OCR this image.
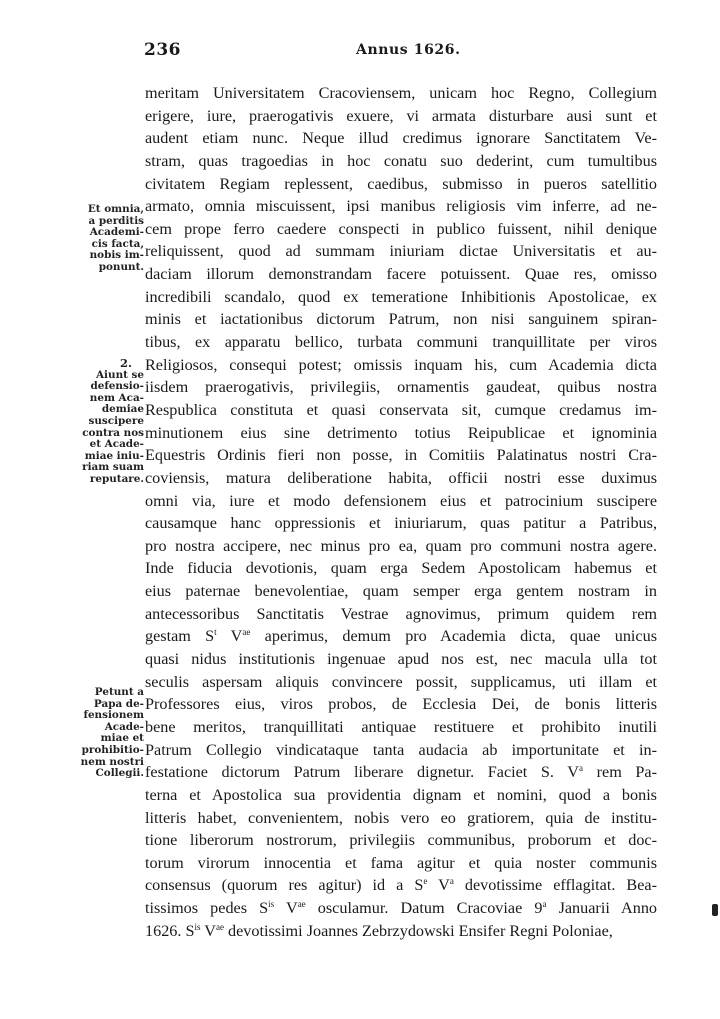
236	Annus 1626.
Et omnia,
a perditis
Academi-
cis facta,
nobis im-
ponunt.
2.
Aiunt se
defensio-
nem Aca-
demiae
suscipere
contra nos
et Acade-
miae iniu-
riam suam
reputare.
Petunt a
Papa de-
fensionem
Acade-
miae et
prohibitio-
nem nostri
Collegii.
meritam Universitatem Cracoviensem, unicam hoc Regno, Collegium
erigere, iure, praerogativis exuere, vi armata disturbare ausi sunt et
audent etiam nunc. Neque illud credimus ignorare Sanctitatem Ve-
stram, quas tragoedias in hoc conatu suo dederint, cum tumultibus
civitatem Regiam replessent, caedibus, submisso in pueros satellitio
armato, omnia miscuissent, ipsi manibus religiosis vim inferre, ad ne-
cem prope ferro caedere conspecti in publico fuissent, nihil denique
reliquissent, quod ad summam iniuriam dictae Universitatis et au-
daciam illorum demonstrandam facere potuissent. Quae res, omisso
incredibili scandalo, quod ex temeratione Inhibitionis Apostolicae, ex
minis et iactationibus dictorum Patrum, non nisi sanguinem spiran-
tibus, ex apparatu bellico, turbata communi tranquillitate per viros
Religiosos, consequi potest; omissis inquam his, cum Academia dicta
iisdem praerogativis, privilegiis, ornamentis gaudeat, quibus nostra
Respublica constituta et quasi conservata sit, cumque credamus im-
minutionem eius sine detrimento totius Reipublicae et ignominia
Equestris Ordinis fieri non posse, in Comitiis Palatinatus nostri Cra-
coviensis, matura deliberatione habita, officii nostri esse duximus
omni via, iure et modo defensionem eius et patrocinium suscipere
causamque hanc oppressionis et iniuriarum, quas patitur a Patribus,
pro nostra accipere, nec minus pro ea, quam pro communi nostra agere.
Inde fiducia devotionis, quam erga Sedem Apostolicam habemus et
eius paternae benevolentiae, quam semper erga gentem nostram in
antecessoribus Sanctitatis Vestrae agnovimus, primum quidem rem
gestam $S^t$ $V^{ae}$ aperimus, demum pro Academia dicta, quae unicus
quasi nidus institutionis ingenuae apud nos est, nec macula ulla tot
seculis aspersam aliquis convincere possit, supplicamus, uti illam et
Professores eius, viros probos, de Ecclesia Dei, de bonis litteris
bene meritos, tranquillitati antiquae restituere et prohibito inutili
Patrum Collegio vindicataque tanta audacia ab importunitate et in-
festatione dictorum Patrum liberare dignetur. Faciet S. $V^a$ rem Pa-
terna et Apostolica sua providentia dignam et nomini, quod a bonis
litteris habet, convenientem, nobis vero eo gratiorem, quia de institu-
tione liberorum nostrorum, privilegiis communibus, proborum et doc-
torum virorum innocentia et fama agitur et quia noster communis
consensus (quorum res agitur) id a $S^e$ $V^a$ devotissime efflagitat. Bea-
tissimos pedes $S^{is}$ $V^{ae}$ osculamur. Datum Cracoviae 9$^a$ Januarii Anno
1626. $S^{is}$ $V^{ae}$ devotissimi Joannes Zebrzydowski Ensifer Regni Poloniae,
